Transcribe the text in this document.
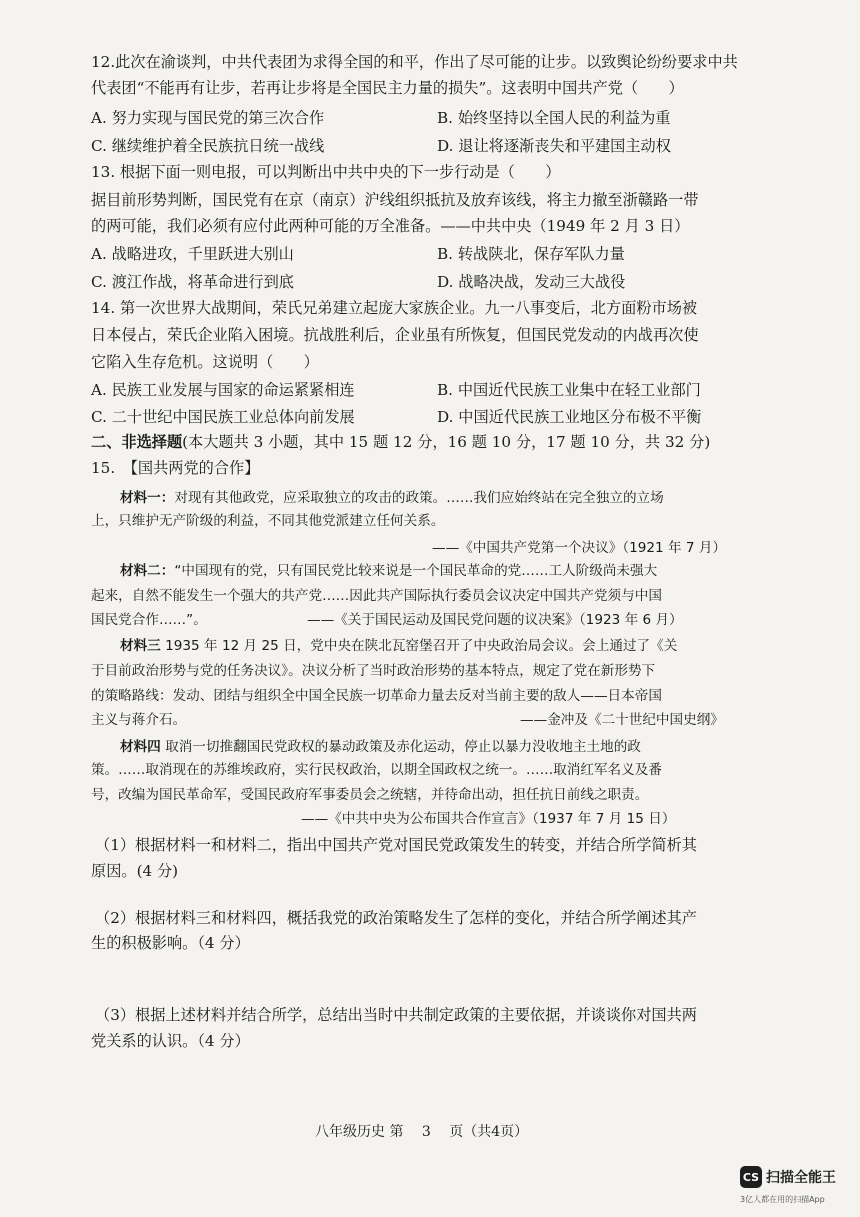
12.此次在渝谈判，中共代表团为求得全国的和平，作出了尽可能的让步。以致舆论纷纷要求中共
代表团“不能再有让步，若再让步将是全国民主力量的损失”。这表明中国共产党（　　）
A. 努力实现与国民党的第三次合作	B. 始终坚持以全国人民的利益为重
C. 继续维护着全民族抗日统一战线	D. 退让将逐渐丧失和平建国主动权
13. 根据下面一则电报，可以判断出中共中央的下一步行动是（　　）
据目前形势判断，国民党有在京（南京）沪线组织抵抗及放弃该线，将主力撤至浙赣路一带
的两可能，我们必须有应付此两种可能的万全准备。——中共中央（1949 年 2 月 3 日）
A. 战略进攻，千里跃进大别山	B. 转战陕北，保存军队力量
C. 渡江作战，将革命进行到底	D. 战略决战，发动三大战役
14. 第一次世界大战期间，荣氏兄弟建立起庞大家族企业。九一八事变后，北方面粉市场被
日本侵占，荣氏企业陷入困境。抗战胜利后，企业虽有所恢复，但国民党发动的内战再次使
它陷入生存危机。这说明（　　）
A. 民族工业发展与国家的命运紧紧相连	B. 中国近代民族工业集中在轻工业部门
C. 二十世纪中国民族工业总体向前发展	D. 中国近代民族工业地区分布极不平衡
二、非选择题(本大题共 3 小题，其中 15 题 12 分，16 题 10 分，17 题 10 分，共 32 分)
15.　【国共两党的合作】
材料一：对现有其他政党，应采取独立的攻击的政策。……我们应始终站在完全独立的立场
上，只维护无产阶级的利益，不同其他党派建立任何关系。
——《中国共产党第一个决议》（1921 年 7 月）
材料二：“中国现有的党，只有国民党比较来说是一个国民革命的党……工人阶级尚未强大
起来，自然不能发生一个强大的共产党……因此共产国际执行委员会议决定中国共产党须与中国
国民党合作……”。	——《关于国民运动及国民党问题的议决案》（1923 年 6 月）
材料三 1935 年 12 月 25 日，党中央在陕北瓦窑堡召开了中央政治局会议。会上通过了《关
于目前政治形势与党的任务决议》。决议分析了当时政治形势的基本特点，规定了党在新形势下
的策略路线：发动、团结与组织全中国全民族一切革命力量去反对当前主要的敌人——日本帝国
主义与蒋介石。	——金冲及《二十世纪中国史纲》
材料四 取消一切推翻国民党政权的暴动政策及赤化运动，停止以暴力没收地主土地的政
策。……取消现在的苏维埃政府，实行民权政治，以期全国政权之统一。……取消红军名义及番
号，改编为国民革命军，受国民政府军事委员会之统辖，并待命出动，担任抗日前线之职责。
——《中共中央为公布国共合作宣言》（1937 年 7 月 15 日）
（1）根据材料一和材料二，指出中国共产党对国民党政策发生的转变，并结合所学简析其
原因。(4 分)
（2）根据材料三和材料四，概括我党的政治策略发生了怎样的变化，并结合所学阐述其产
生的积极影响。（4 分）
（3）根据上述材料并结合所学，总结出当时中共制定政策的主要依据，并谈谈你对国共两
党关系的认识。（4 分）
八年级历史 第　 3　 页（共4页）
CS 扫描全能王
3亿人都在用的扫描App
